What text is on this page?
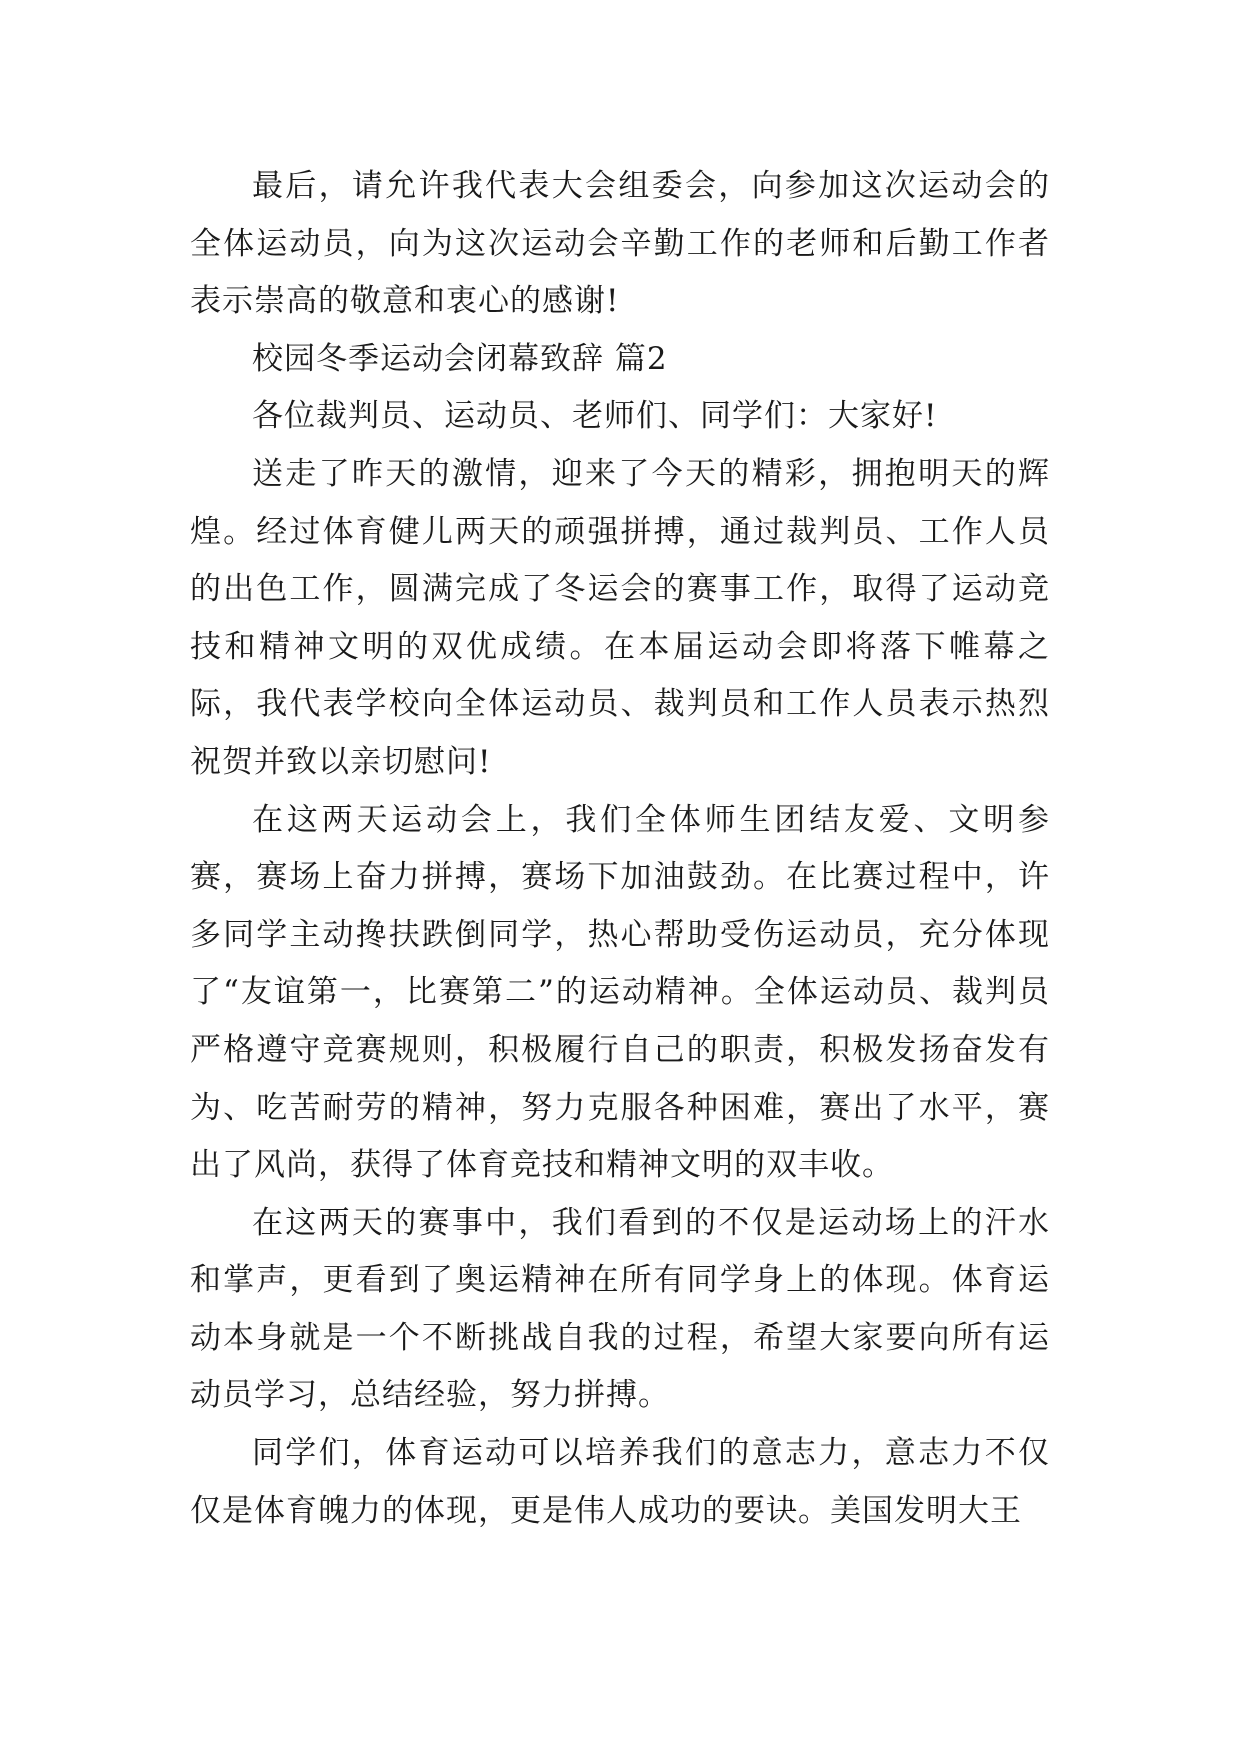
最后，请允许我代表大会组委会，向参加这次运动会的全体运动员，向为这次运动会辛勤工作的老师和后勤工作者表示崇高的敬意和衷心的感谢!

校园冬季运动会闭幕致辞 篇2

各位裁判员、运动员、老师们、同学们：大家好!

送走了昨天的激情，迎来了今天的精彩，拥抱明天的辉煌。经过体育健儿两天的顽强拼搏，通过裁判员、工作人员的出色工作，圆满完成了冬运会的赛事工作，取得了运动竞技和精神文明的双优成绩。在本届运动会即将落下帷幕之际，我代表学校向全体运动员、裁判员和工作人员表示热烈祝贺并致以亲切慰问!

在这两天运动会上，我们全体师生团结友爱、文明参赛，赛场上奋力拼搏，赛场下加油鼓劲。在比赛过程中，许多同学主动搀扶跌倒同学，热心帮助受伤运动员，充分体现了“友谊第一，比赛第二”的运动精神。全体运动员、裁判员严格遵守竞赛规则，积极履行自己的职责，积极发扬奋发有为、吃苦耐劳的精神，努力克服各种困难，赛出了水平，赛出了风尚，获得了体育竞技和精神文明的双丰收。

在这两天的赛事中，我们看到的不仅是运动场上的汗水和掌声，更看到了奥运精神在所有同学身上的体现。体育运动本身就是一个不断挑战自我的过程，希望大家要向所有运动员学习，总结经验，努力拼搏。

同学们，体育运动可以培养我们的意志力，意志力不仅仅是体育魄力的体现，更是伟人成功的要诀。美国发明大王
